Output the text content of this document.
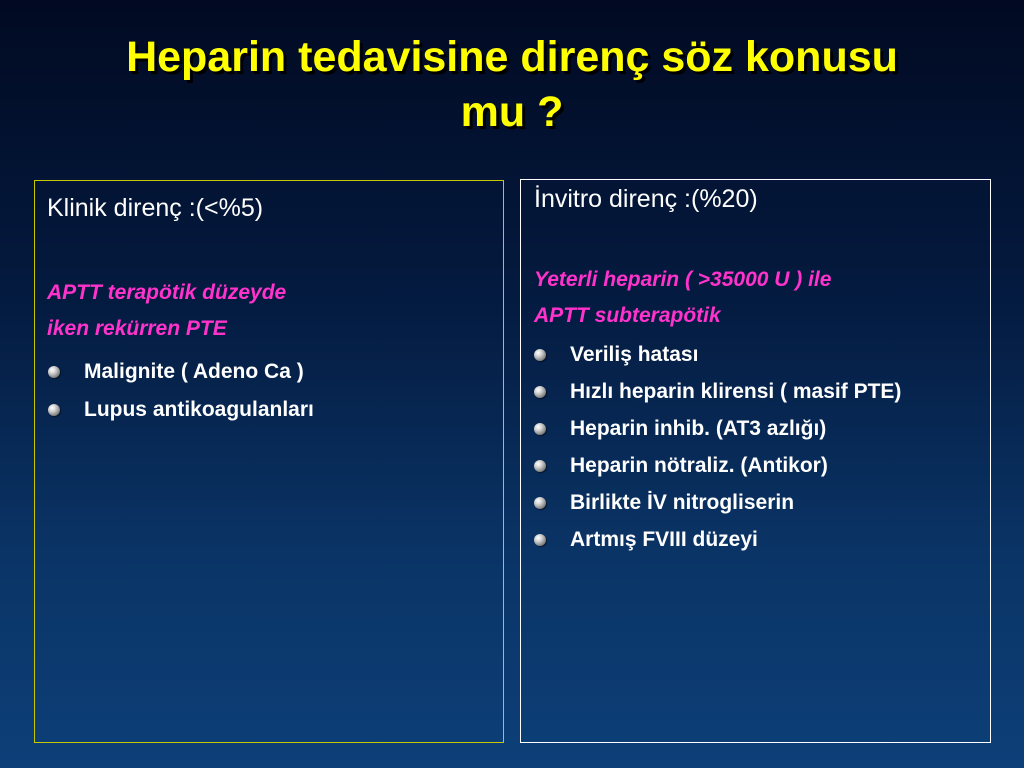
Heparin tedavisine direnç söz konusu
mu ?
Klinik direnç :(<%5)
APTT terapötik düzeyde
iken rekürren PTE
Malignite ( Adeno Ca )
Lupus antikoagulanları
İnvitro direnç :(%20)
Yeterli heparin ( >35000 U ) ile
APTT subterapötik
Veriliş hatası
Hızlı heparin klirensi ( masif PTE)
Heparin inhib. (AT3 azlığı)
Heparin nötraliz. (Antikor)
Birlikte İV nitrogliserin
Artmış FVIII düzeyi
